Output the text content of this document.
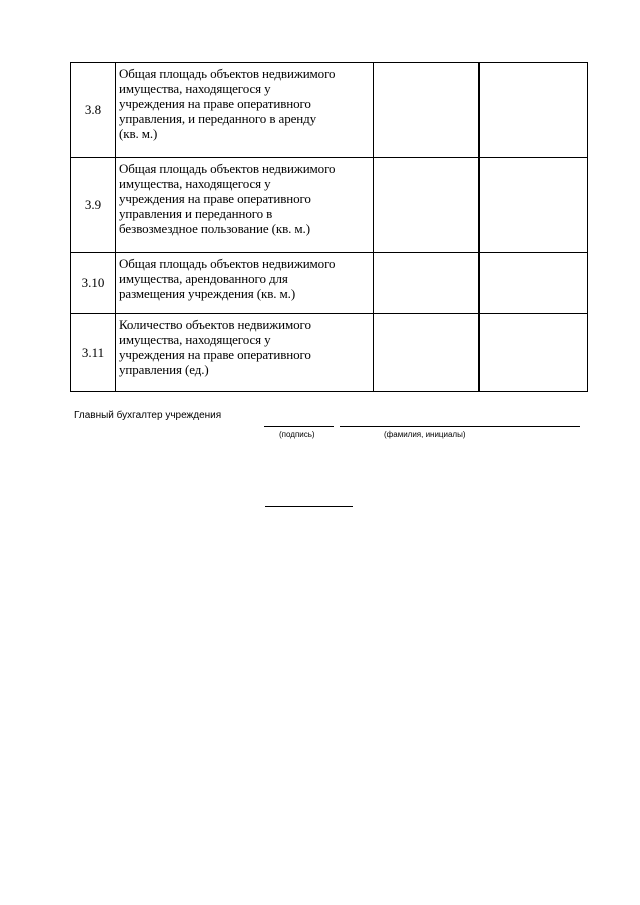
3.8	Общая площадь объектов недвижимого
имущества, находящегося у
учреждения на праве оперативного
управления, и переданного в аренду
(кв. м.)		

3.9	Общая площадь объектов недвижимого
имущества, находящегося у
учреждения на праве оперативного
управления и переданного в
безвозмездное пользование (кв. м.)		

3.10	Общая площадь объектов недвижимого
имущества, арендованного для
размещения учреждения (кв. м.)		

3.11	Количество объектов недвижимого
имущества, находящегося у
учреждения на праве оперативного
управления (ед.)		

Главный бухгалтер учреждения
(подпись)	(фамилия, инициалы)
